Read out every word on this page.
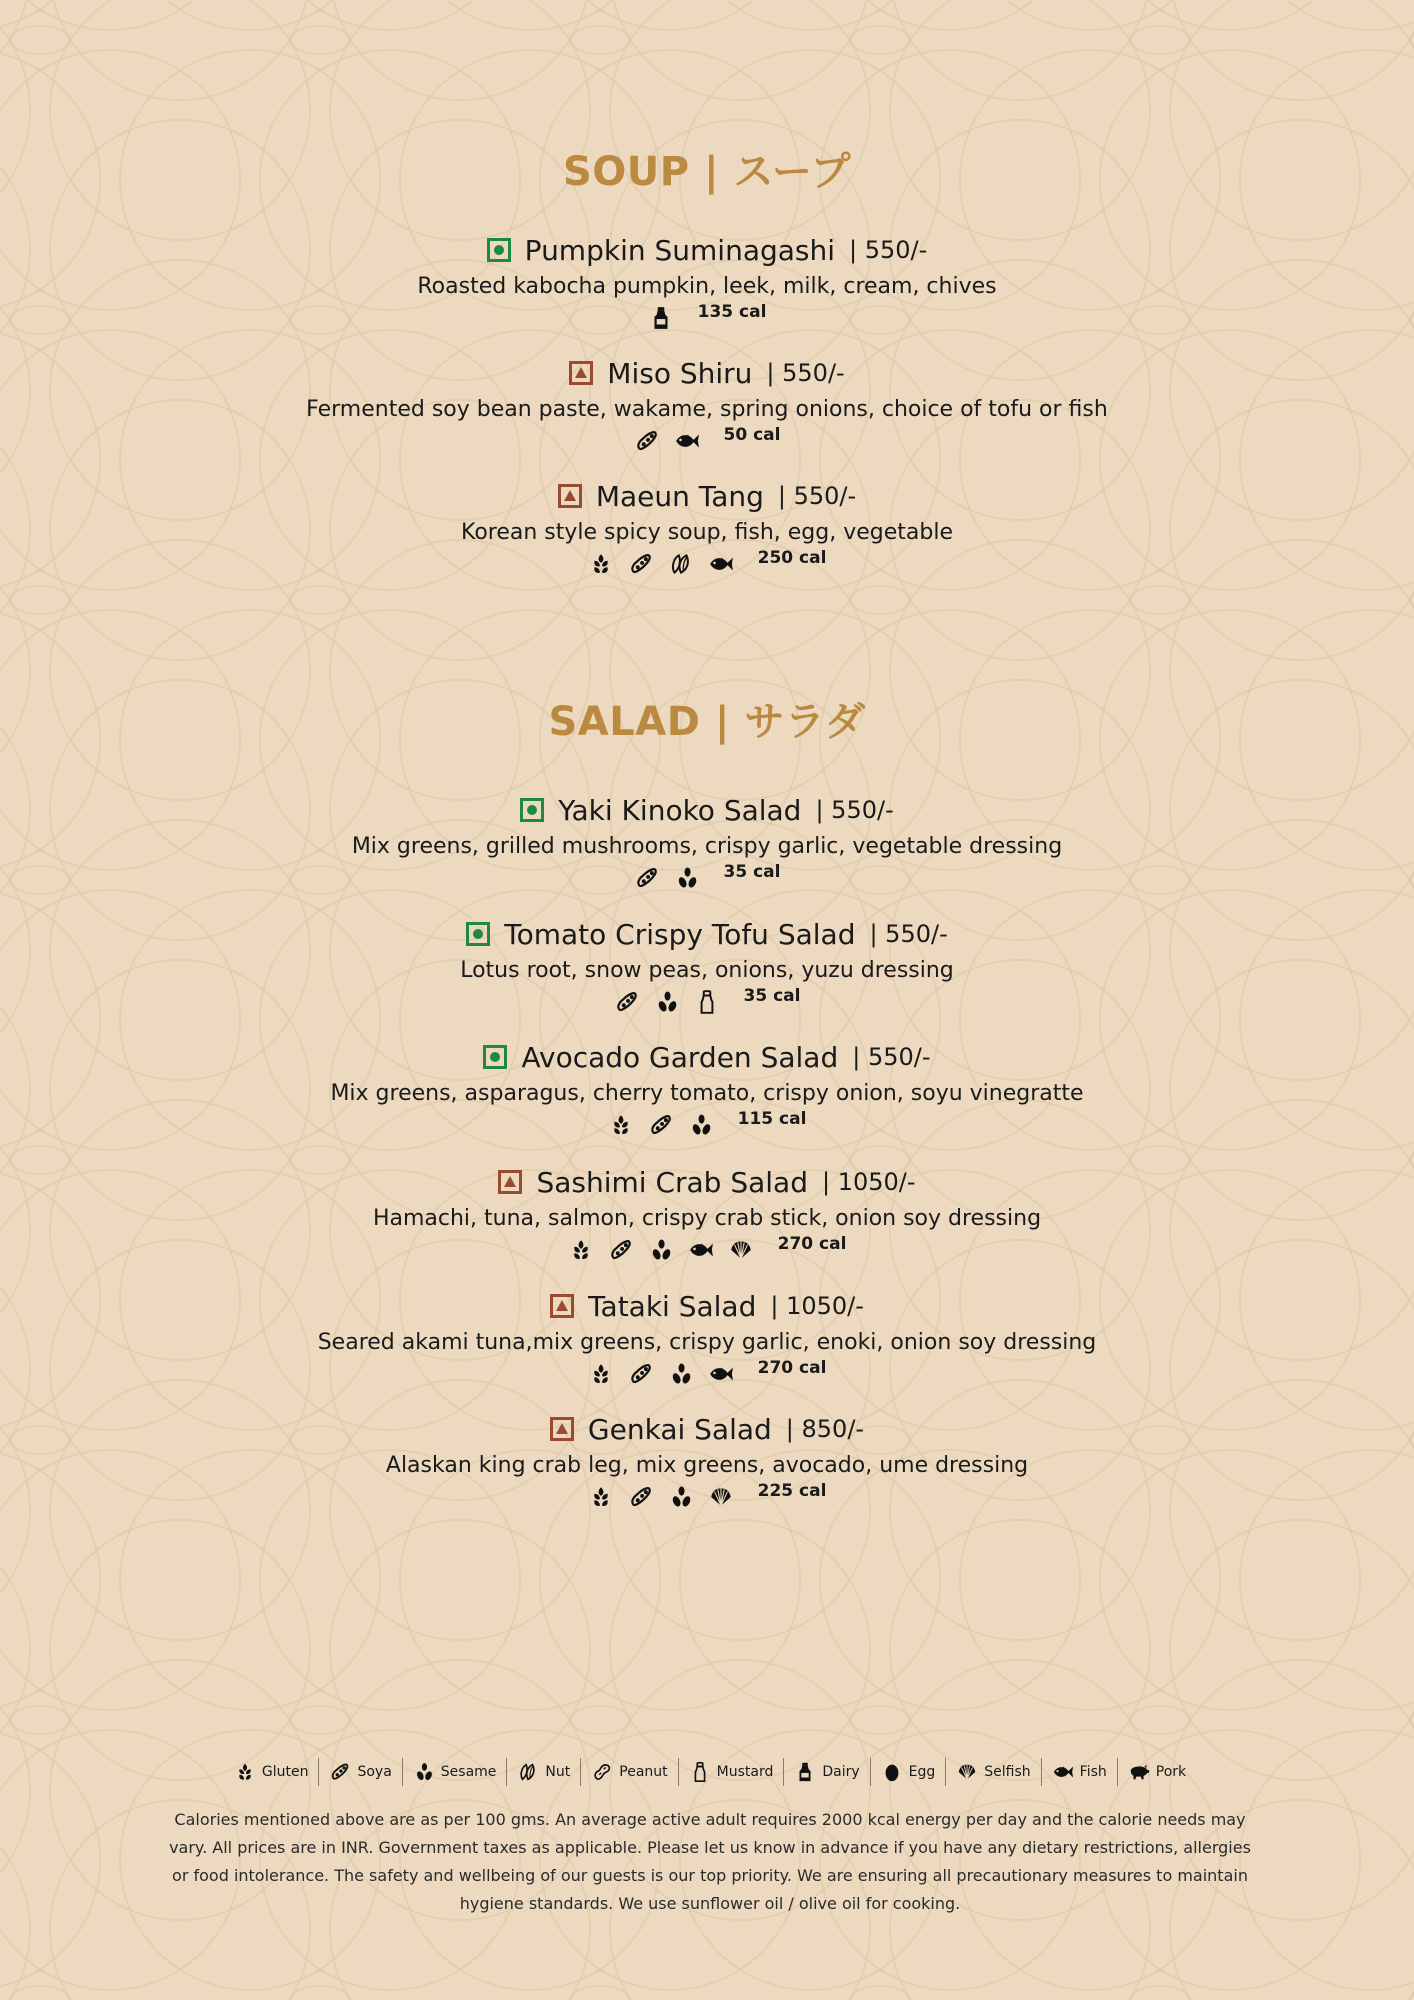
SOUP | スープ
Pumpkin Suminagashi | 550/-
Roasted kabocha pumpkin, leek, milk, cream, chives
135 cal
Miso Shiru | 550/-
Fermented soy bean paste, wakame, spring onions, choice of tofu or fish
50 cal
Maeun Tang | 550/-
Korean style spicy soup, fish, egg, vegetable
250 cal
SALAD | サラダ
Yaki Kinoko Salad | 550/-
Mix greens, grilled mushrooms, crispy garlic, vegetable dressing
35 cal
Tomato Crispy Tofu Salad | 550/-
Lotus root, snow peas, onions, yuzu dressing
35 cal
Avocado Garden Salad | 550/-
Mix greens, asparagus, cherry tomato, crispy onion, soyu vinegratte
115 cal
Sashimi Crab Salad | 1050/-
Hamachi, tuna, salmon, crispy crab stick, onion soy dressing
270 cal
Tataki Salad | 1050/-
Seared akami tuna,mix greens, crispy garlic, enoki, onion soy dressing
270 cal
Genkai Salad | 850/-
Alaskan king crab leg, mix greens, avocado, ume dressing
225 cal
Gluten	Soya	Sesame	Nut	Peanut	Mustard	Dairy	Egg	Selfish	Fish	Pork
Calories mentioned above are as per 100 gms. An average active adult requires 2000 kcal energy per day and the calorie needs may vary. All prices are in INR. Government taxes as applicable. Please let us know in advance if you have any dietary restrictions, allergies or food intolerance. The safety and wellbeing of our guests is our top priority. We are ensuring all precautionary measures to maintain hygiene standards. We use sunflower oil / olive oil for cooking.
